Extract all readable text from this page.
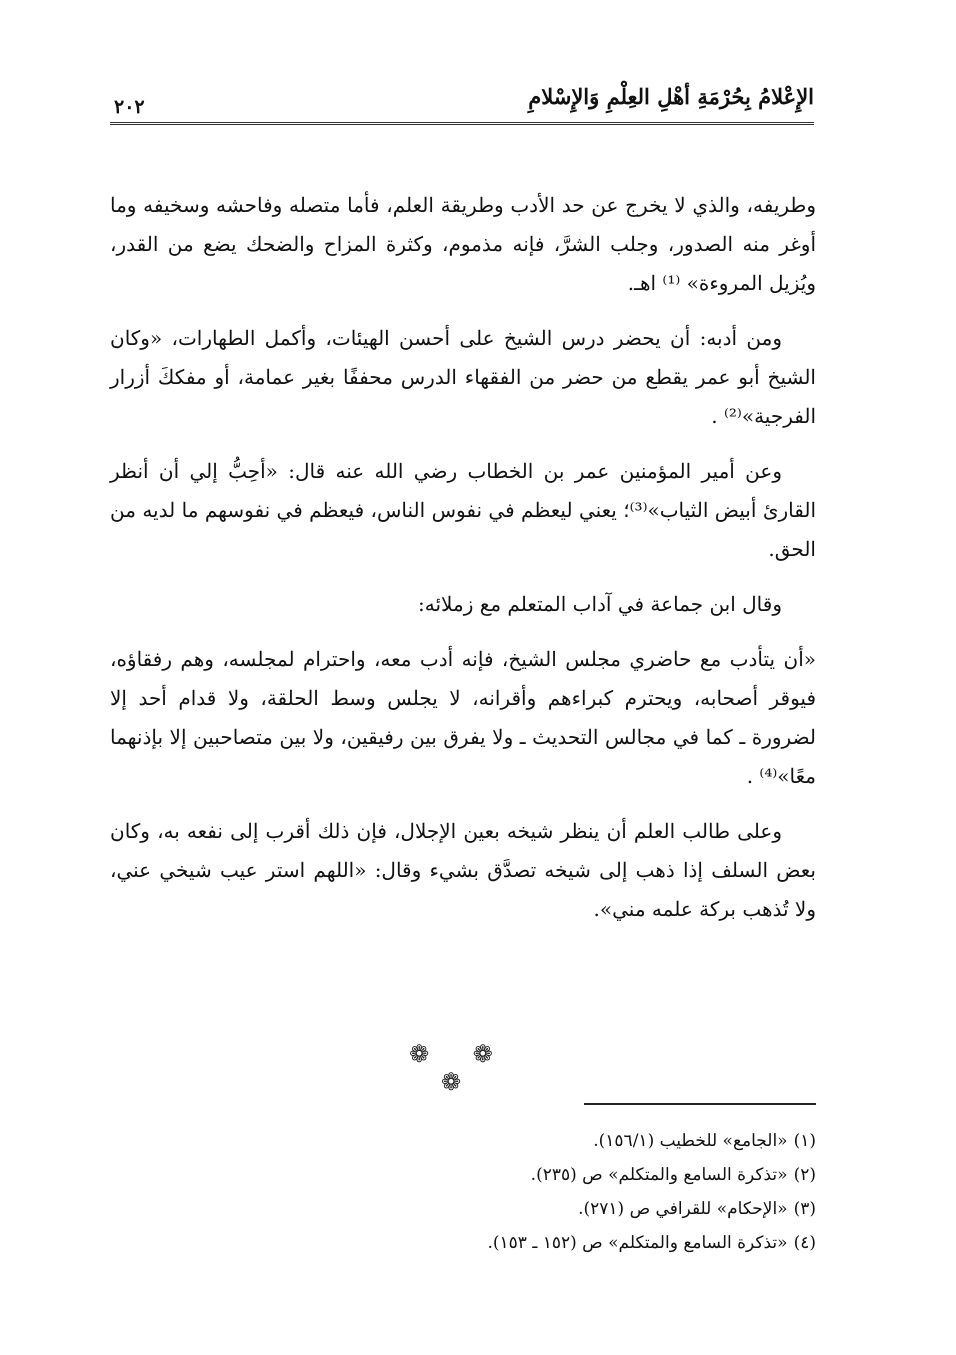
الإِعْلامُ بِحُرْمَةِ أهْلِ العِلْمِ وَالإِسْلامِ
٢٠٢

وطريفه، والذي لا يخرج عن حد الأدب وطريقة العلم، فأما متصله وفاحشه وسخيفه وما أوغر منه الصدور، وجلب الشرَّ، فإنه مذموم، وكثرة المزاح والضحك يضع من القدر، ويُزيل المروءة» ⁽¹⁾ اهـ.

ومن أدبه: أن يحضر درس الشيخ على أحسن الهيئات، وأكمل الطهارات، «وكان الشيخ أبو عمر يقطع من حضر من الفقهاء الدرس محففًا بغير عمامة، أو مفككَ أزرار الفرجية»⁽²⁾ .

وعن أمير المؤمنين عمر بن الخطاب رضي الله عنه قال: «أحِبُّ إلي أن أنظر القارئ أبيض الثياب»⁽³⁾؛ يعني ليعظم في نفوس الناس، فيعظم في نفوسهم ما لديه من الحق.

وقال ابن جماعة في آداب المتعلم مع زملائه:

«أن يتأدب مع حاضري مجلس الشيخ، فإنه أدب معه، واحترام لمجلسه، وهم رفقاؤه، فيوقر أصحابه، ويحترم كبراءهم وأقرانه، لا يجلس وسط الحلقة، ولا قدام أحد إلا لضرورة ـ كما في مجالس التحديث ـ ولا يفرق بين رفيقين، ولا بين متصاحبين إلا بإذنهما معًا»⁽⁴⁾ .

وعلى طالب العلم أن ينظر شيخه بعين الإجلال، فإن ذلك أقرب إلى نفعه به، وكان بعض السلف إذا ذهب إلى شيخه تصدَّق بشيء وقال: «اللهم استر عيب شيخي عني، ولا تُذهب بركة علمه مني».

❁ ❁ ❁
(١)«الجامع» للخطيب (١٥٦/١).
(٢)«تذكرة السامع والمتكلم» ص (٢٣٥).
(٣)«الإحكام» للقرافي ص (٢٧١).
(٤)«تذكرة السامع والمتكلم» ص (١٥٢ ـ ١٥٣).
